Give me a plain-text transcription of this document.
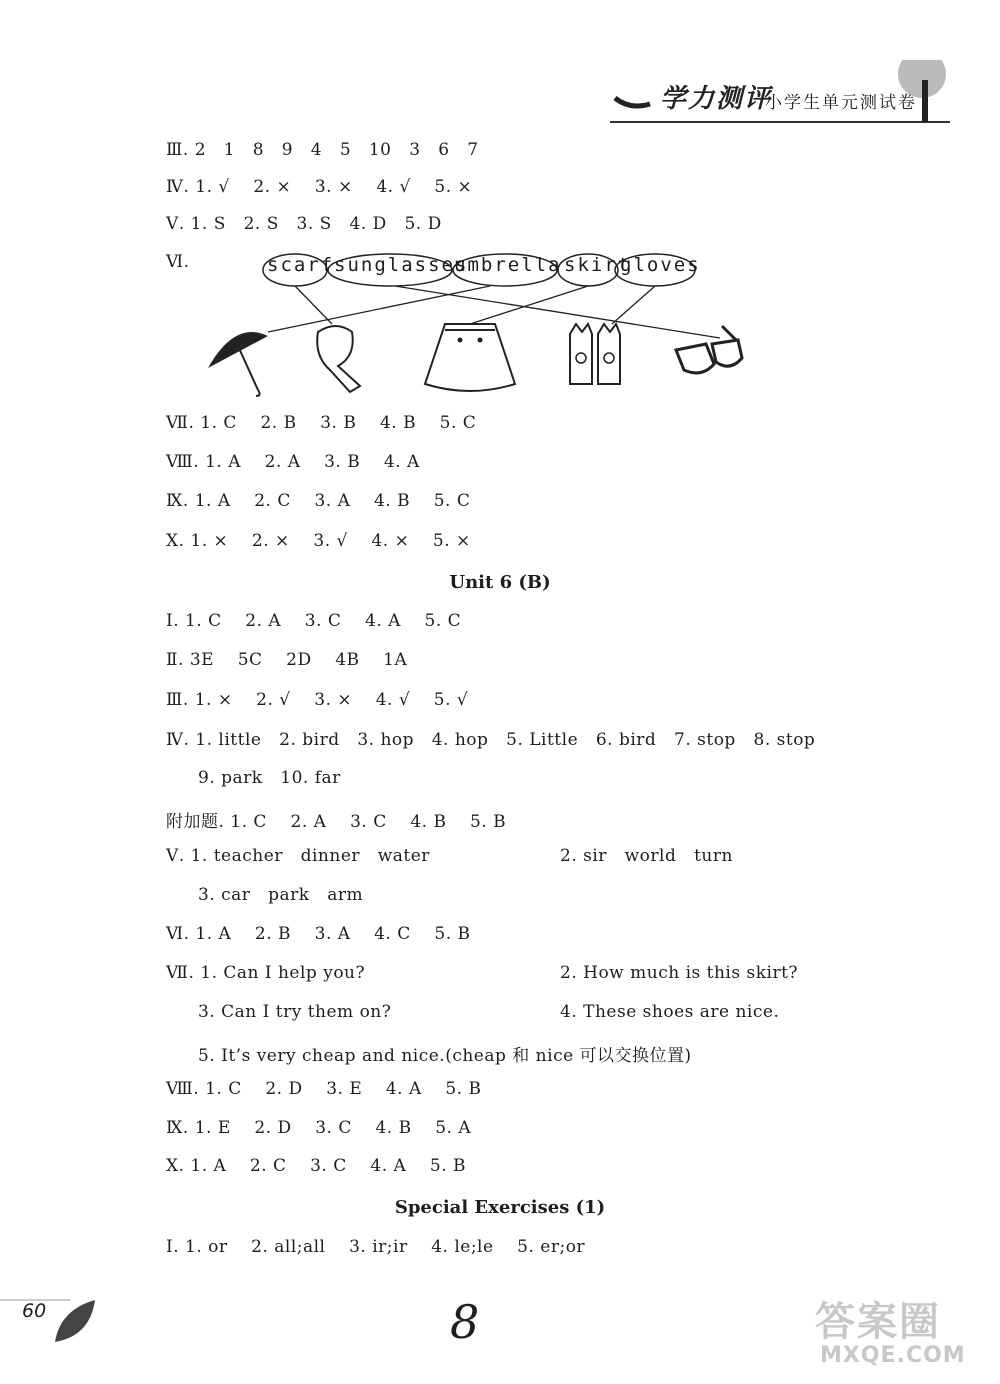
学力测评
小学生单元测试卷
Ⅲ. 2   1   8   9   4   5   10   3   6   7
Ⅳ. 1. √    2. ×    3. ×    4. √    5. ×
Ⅴ. 1. S   2. S   3. S   4. D   5. D
Ⅵ.	scarf sunglasses
umbrella skirt
gloves
Ⅶ. 1. C    2. B    3. B    4. B    5. C
Ⅷ. 1. A    2. A    3. B    4. A
Ⅸ. 1. A    2. C    3. A    4. B    5. C
Ⅹ. 1. ×    2. ×    3. √    4. ×    5. ×
Unit 6 (B)
Ⅰ. 1. C    2. A    3. C    4. A    5. C
Ⅱ. 3E    5C    2D    4B    1A
Ⅲ. 1. ×    2. √    3. ×    4. √    5. √
Ⅳ. 1. little   2. bird   3. hop   4. hop   5. Little   6. bird   7. stop   8. stop
9. park   10. far
附加题. 1. C    2. A    3. C    4. B    5. B
Ⅴ. 1. teacher   dinner   water	2. sir   world   turn
3. car   park   arm
Ⅵ. 1. A    2. B    3. A    4. C    5. B
Ⅶ. 1. Can I help you?	2. How much is this skirt?
3. Can I try them on?	4. These shoes are nice.
5. It’s very cheap and nice.(cheap 和 nice 可以交换位置)
Ⅷ. 1. C    2. D    3. E    4. A    5. B
Ⅸ. 1. E    2. D    3. C    4. B    5. A
Ⅹ. 1. A    2. C    3. C    4. A    5. B
Special Exercises (1)
Ⅰ. 1. or    2. all;all    3. ir;ir    4. le;le    5. er;or
60	8	答案圈
MXQE.COM
